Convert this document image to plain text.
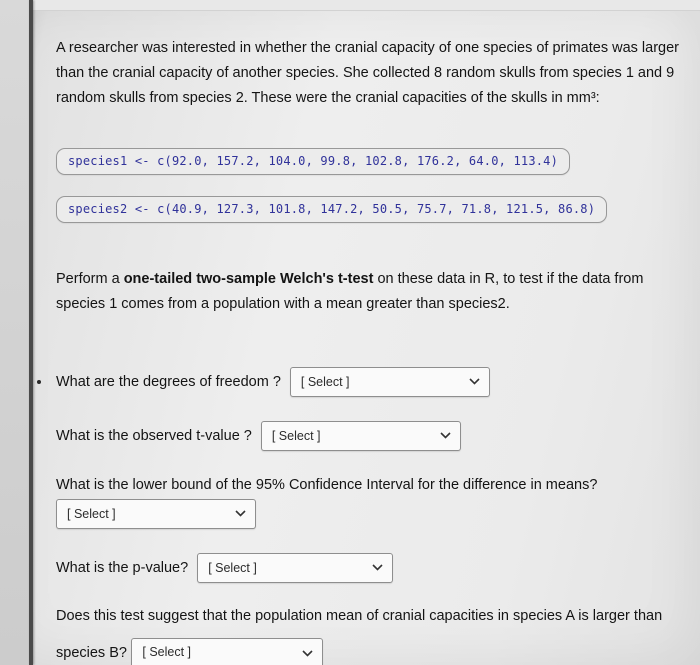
A researcher was interested in whether the cranial capacity of one species of primates was larger than the cranial capacity of another species. She collected 8 random skulls from species 1 and 9 random skulls from species 2. These were the cranial capacities of the skulls in mm³:

species1 <- c(92.0, 157.2, 104.0, 99.8, 102.8, 176.2, 64.0, 113.4)
species2 <- c(40.9, 127.3, 101.8, 147.2, 50.5, 75.7, 71.8, 121.5, 86.8)

Perform a one-tailed two-sample Welch's t-test on these data in R, to test if the data from species 1 comes from a population with a mean greater than species2.

What are the degrees of freedom ? [ Select ]
What is the observed t-value ? [ Select ]
What is the lower bound of the 95% Confidence Interval for the difference in means?
[ Select ]
What is the p-value? [ Select ]

Does this test suggest that the population mean of cranial capacities in species A is larger than species B? [ Select ]
